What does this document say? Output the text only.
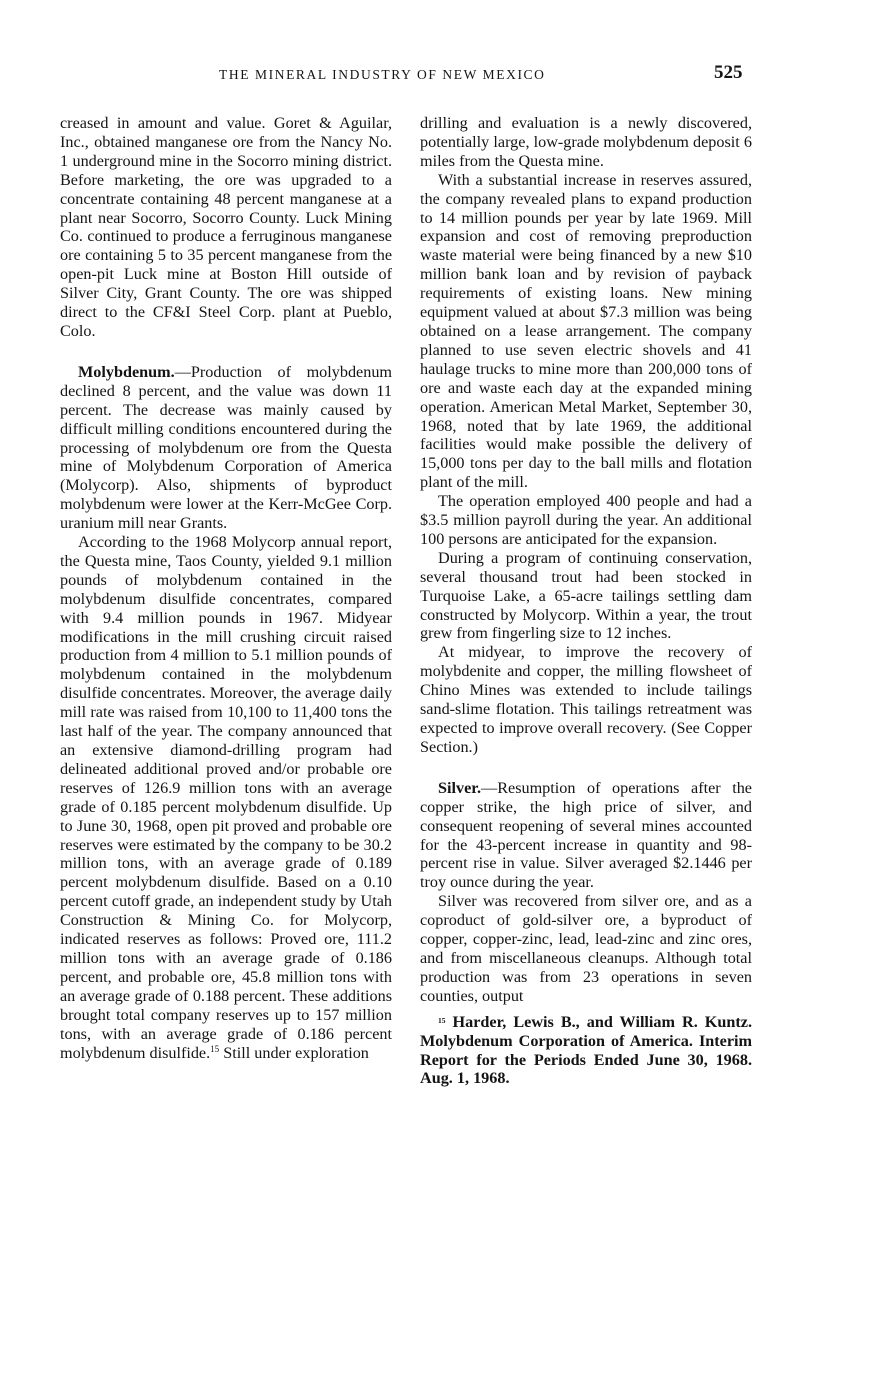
THE MINERAL INDUSTRY OF NEW MEXICO	525

creased in amount and value. Goret & Aguilar, Inc., obtained manganese ore from the Nancy No. 1 underground mine in the Socorro mining district. Before marketing, the ore was upgraded to a concentrate containing 48 percent manganese at a plant near Socorro, Socorro County. Luck Mining Co. continued to produce a ferruginous manganese ore containing 5 to 35 percent manganese from the open-pit Luck mine at Boston Hill outside of Silver City, Grant County. The ore was shipped direct to the CF&I Steel Corp. plant at Pueblo, Colo.

Molybdenum.—Production of molybdenum declined 8 percent, and the value was down 11 percent. The decrease was mainly caused by difficult milling conditions encountered during the processing of molybdenum ore from the Questa mine of Molybdenum Corporation of America (Molycorp). Also, shipments of byproduct molybdenum were lower at the Kerr-McGee Corp. uranium mill near Grants.

According to the 1968 Molycorp annual report, the Questa mine, Taos County, yielded 9.1 million pounds of molybdenum contained in the molybdenum disulfide concentrates, compared with 9.4 million pounds in 1967. Midyear modifications in the mill crushing circuit raised production from 4 million to 5.1 million pounds of molybdenum contained in the molybdenum disulfide concentrates. Moreover, the average daily mill rate was raised from 10,100 to 11,400 tons the last half of the year. The company announced that an extensive diamond-drilling program had delineated additional proved and/or probable ore reserves of 126.9 million tons with an average grade of 0.185 percent molybdenum disulfide. Up to June 30, 1968, open pit proved and probable ore reserves were estimated by the company to be 30.2 million tons, with an average grade of 0.189 percent molybdenum disulfide. Based on a 0.10 percent cutoff grade, an independent study by Utah Construction & Mining Co. for Molycorp, indicated reserves as follows: Proved ore, 111.2 million tons with an average grade of 0.186 percent, and probable ore, 45.8 million tons with an average grade of 0.188 percent. These additions brought total company reserves up to 157 million tons, with an average grade of 0.186 percent molybdenum disulfide.$^{15}$ Still under exploration

drilling and evaluation is a newly discovered, potentially large, low-grade molybdenum deposit 6 miles from the Questa mine.

With a substantial increase in reserves assured, the company revealed plans to expand production to 14 million pounds per year by late 1969. Mill expansion and cost of removing preproduction waste material were being financed by a new $10 million bank loan and by revision of payback requirements of existing loans. New mining equipment valued at about $7.3 million was being obtained on a lease arrangement. The company planned to use seven electric shovels and 41 haulage trucks to mine more than 200,000 tons of ore and waste each day at the expanded mining operation. American Metal Market, September 30, 1968, noted that by late 1969, the additional facilities would make possible the delivery of 15,000 tons per day to the ball mills and flotation plant of the mill.

The operation employed 400 people and had a $3.5 million payroll during the year. An additional 100 persons are anticipated for the expansion.

During a program of continuing conservation, several thousand trout had been stocked in Turquoise Lake, a 65-acre tailings settling dam constructed by Molycorp. Within a year, the trout grew from fingerling size to 12 inches.

At midyear, to improve the recovery of molybdenite and copper, the milling flowsheet of Chino Mines was extended to include tailings sand-slime flotation. This tailings retreatment was expected to improve overall recovery. (See Copper Section.)

Silver.—Resumption of operations after the copper strike, the high price of silver, and consequent reopening of several mines accounted for the 43-percent increase in quantity and 98-percent rise in value. Silver averaged $2.1446 per troy ounce during the year.

Silver was recovered from silver ore, and as a coproduct of gold-silver ore, a byproduct of copper, copper-zinc, lead, lead-zinc and zinc ores, and from miscellaneous cleanups. Although total production was from 23 operations in seven counties, output

$^{15}$ Harder, Lewis B., and William R. Kuntz. Molybdenum Corporation of America. Interim Report for the Periods Ended June 30, 1968. Aug. 1, 1968.
